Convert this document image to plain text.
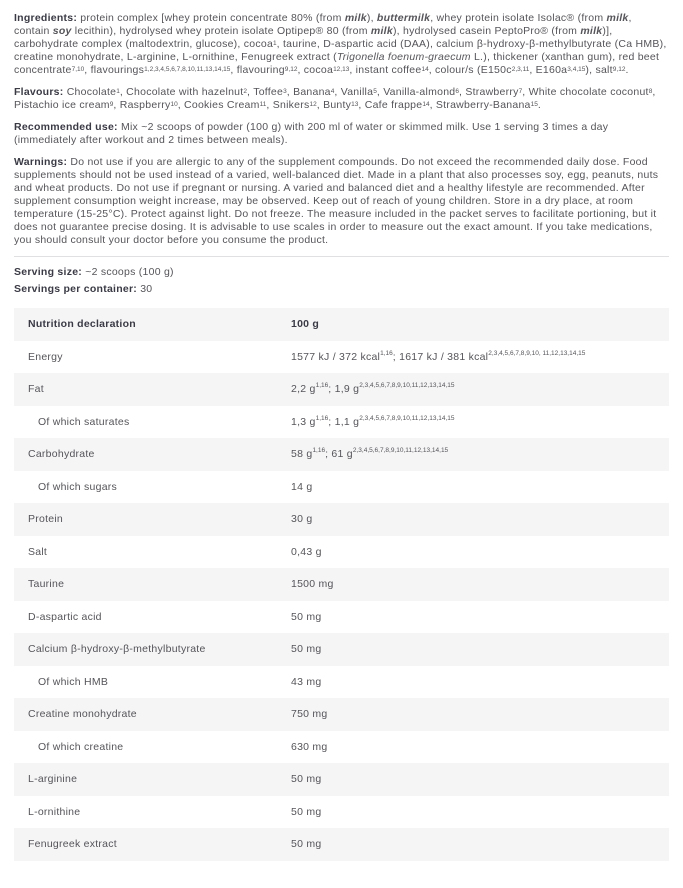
Ingredients: protein complex [whey protein concentrate 80% (from milk), buttermilk, whey protein isolate Isolac® (from milk, contain soy lecithin), hydrolysed whey protein isolate Optipep® 80 (from milk), hydrolysed casein PeptoPro® (from milk)], carbohydrate complex (maltodextrin, glucose), cocoa$^1$, taurine, D-aspartic acid (DAA), calcium β-hydroxy-β-methylbutyrate (Ca HMB), creatine monohydrate, L-arginine, L-ornithine, Fenugreek extract (Trigonella foenum-graecum L.), thickener (xanthan gum), red beet concentrate$^{7,10}$, flavourings$^{1,2,3,4,5,6,7,8,10,11,13,14,15}$, flavouring$^{9,12}$, cocoa$^{12,13}$, instant coffee$^{14}$, colour/s ($E150c^{2,3,11}$, $E160a^{3,4,15}$), salt$^{9,12}$.

Flavours: Chocolate$^1$, Chocolate with hazelnut$^2$, Toffee$^3$, Banana$^4$, Vanilla$^5$, Vanilla-almond$^6$, Strawberry$^7$, White chocolate coconut$^8$, Pistachio ice cream$^9$, Raspberry$^{10}$, Cookies Cream$^{11}$, Snikers$^{12}$, Bunty$^{13}$, Cafe frappe$^{14}$, Strawberry-Banana$^{15}$.

Recommended use: Mix ~2 scoops of powder (100 g) with 200 ml of water or skimmed milk. Use 1 serving 3 times a day (immediately after workout and 2 times between meals).

Warnings: Do not use if you are allergic to any of the supplement compounds. Do not exceed the recommended daily dose. Food supplements should not be used instead of a varied, well-balanced diet. Made in a plant that also processes soy, egg, peanuts, nuts and wheat products. Do not use if pregnant or nursing. A varied and balanced diet and a healthy lifestyle are recommended. After supplement consumption weight increase, may be observed. Keep out of reach of young children. Store in a dry place, at room temperature (15-25°C). Protect against light. Do not freeze. The measure included in the packet serves to facilitate portioning, but it does not guarantee precise dosing. It is advisable to use scales in order to measure out the exact amount. If you take medications, you should consult your doctor before you consume the product.

Serving size: ~2 scoops (100 g)

Servings per container: 30

Nutrition declaration	100 g
Energy	1577 kJ / 372 kcal$^{1,16}$; 1617 kJ / 381 kcal$^{2,3,4,5,6,7,8,9,10, 11,12,13,14,15}$
Fat	2,2 $g^{1,16}$; 1,9 $g^{2,3,4,5,6,7,8,9,10,11,12,13,14,15}$
Of which saturates	1,3 $g^{1,16}$; 1,1 $g^{2,3,4,5,6,7,8,9,10,11,12,13,14,15}$
Carbohydrate	58 $g^{1,16}$; 61 $g^{2,3,4,5,6,7,8,9,10,11,12,13,14,15}$
Of which sugars	14 g
Protein	30 g
Salt	0,43 g
Taurine	1500 mg
D-aspartic acid	50 mg
Calcium β-hydroxy-β-methylbutyrate	50 mg
Of which HMB	43 mg
Creatine monohydrate	750 mg
Of which creatine	630 mg
L-arginine	50 mg
L-ornithine	50 mg
Fenugreek extract	50 mg
